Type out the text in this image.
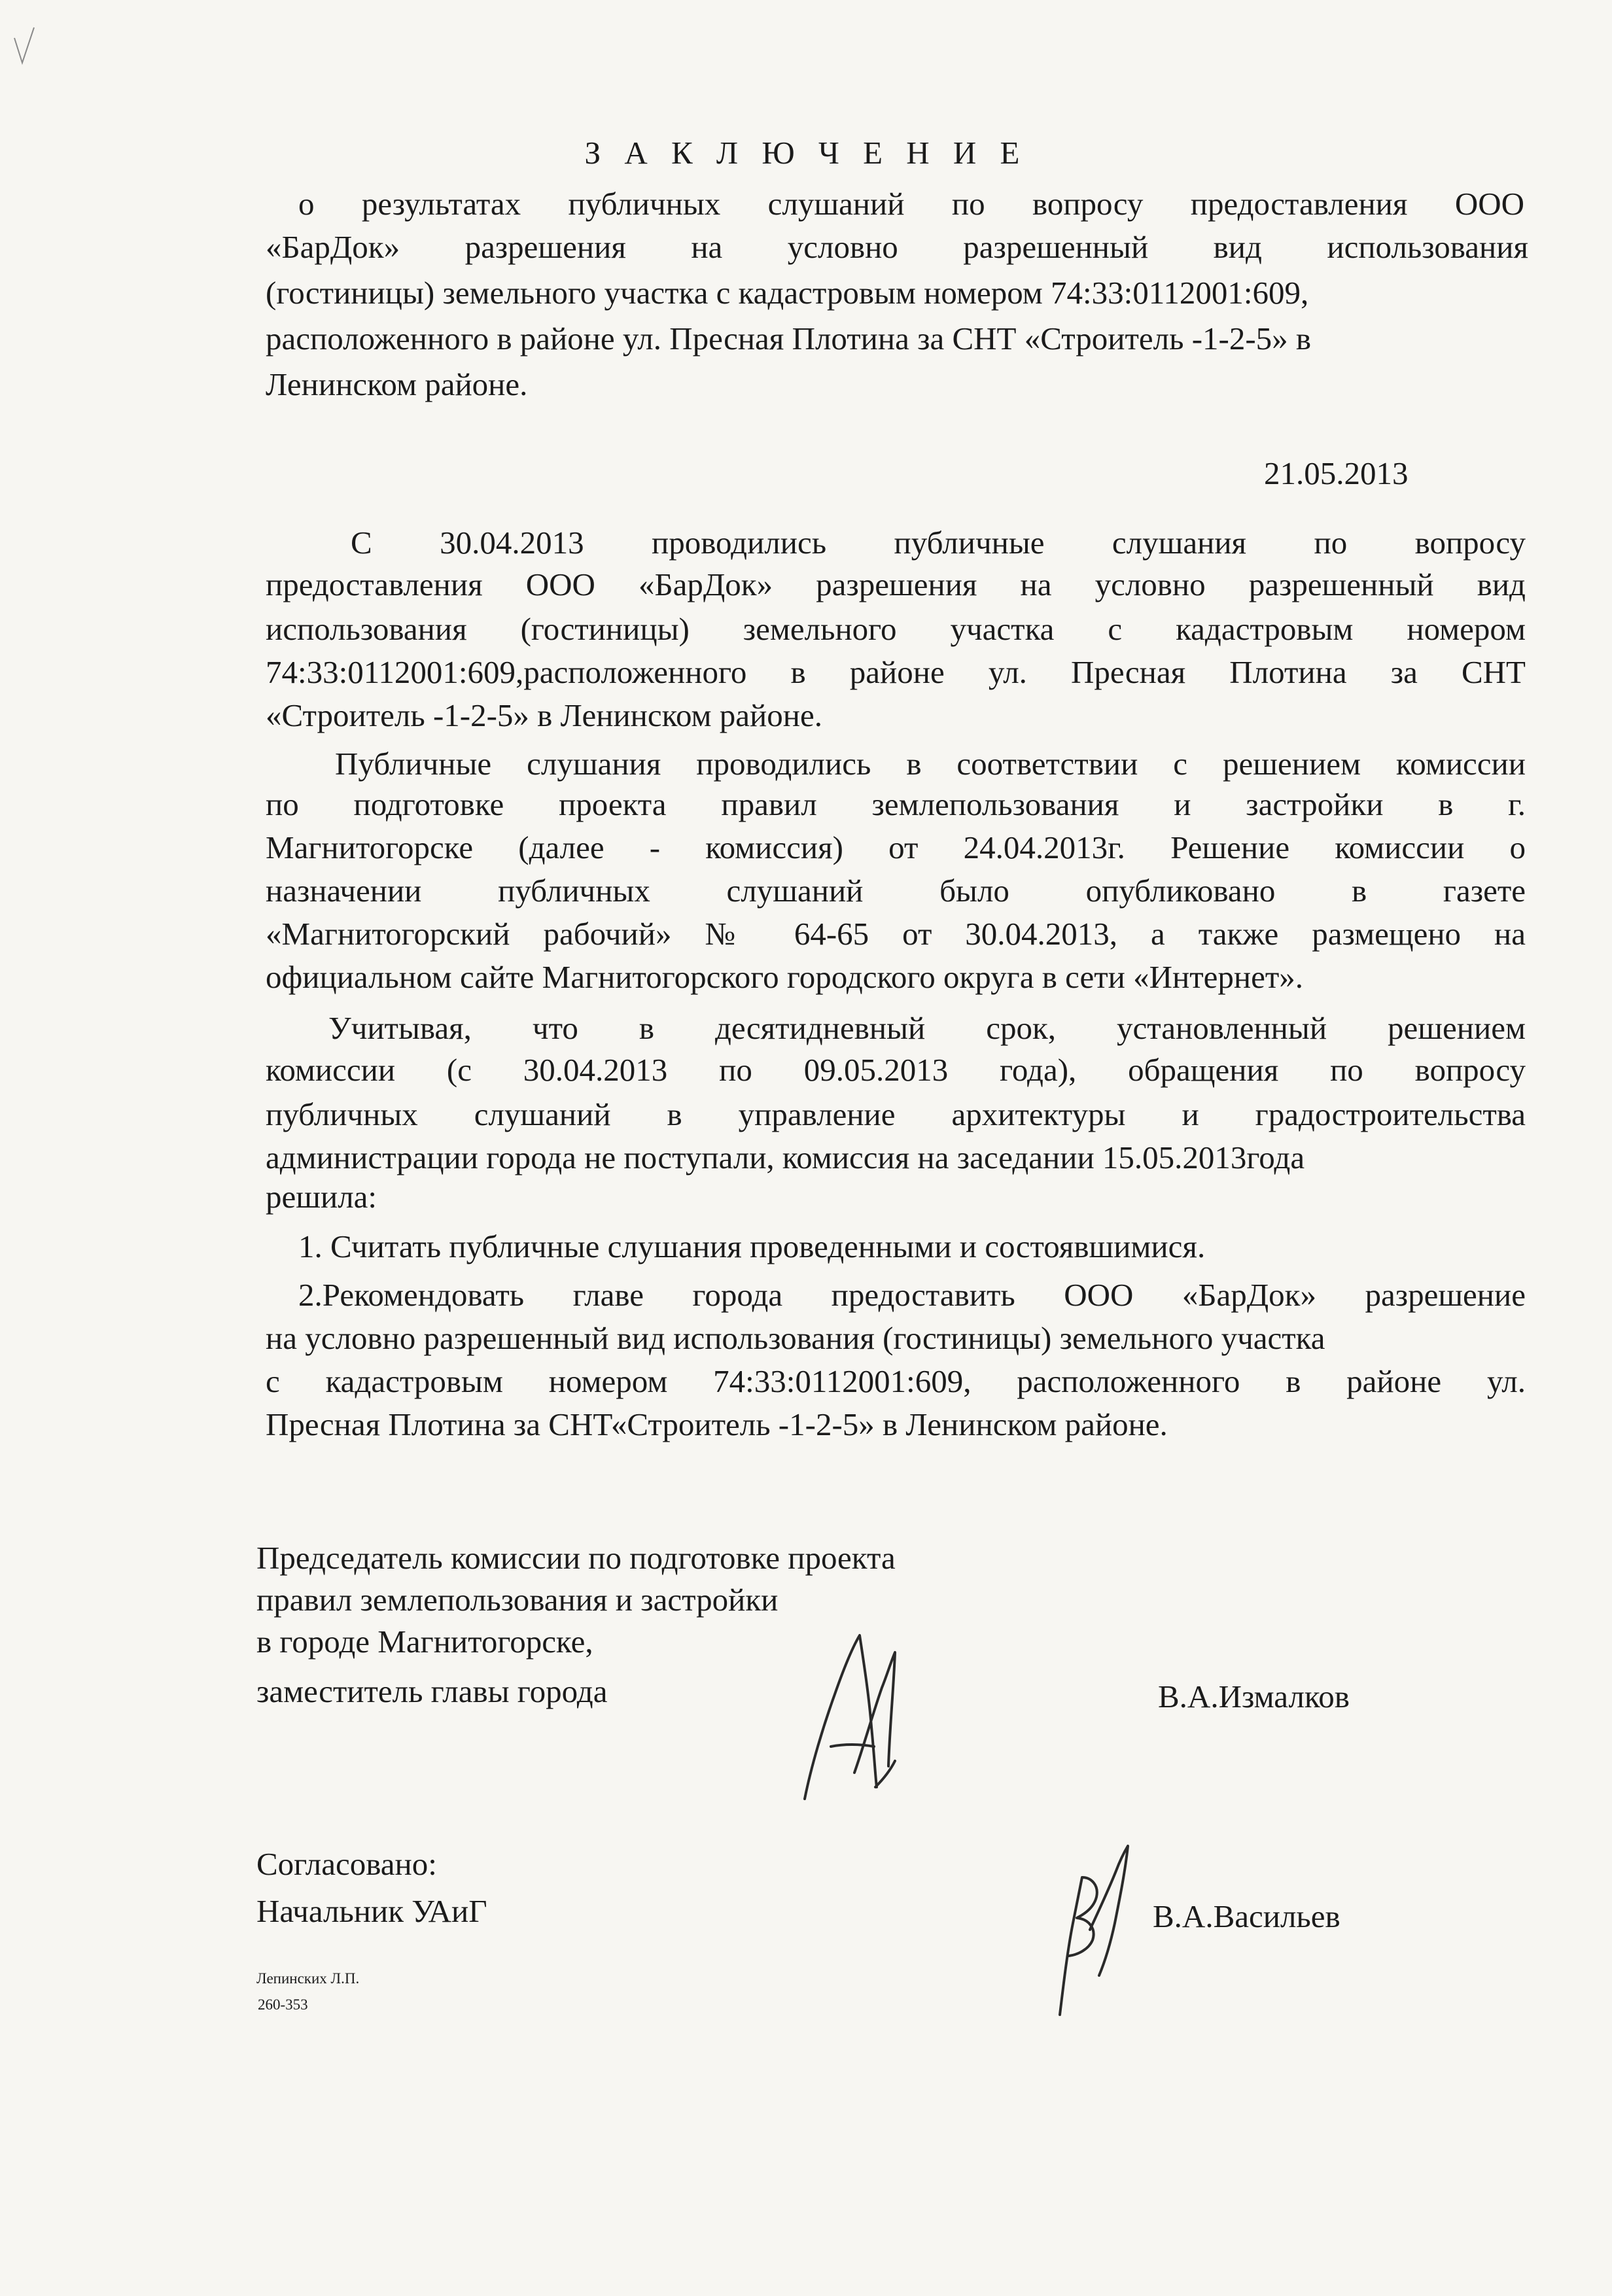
З А К Л Ю Ч Е Н И Е
о результатах публичных слушаний по вопросу предоставления ООО
«БарДок» разрешения на условно разрешенный вид использования
(гостиницы) земельного участка с кадастровым номером 74:33:0112001:609,
расположенного в районе ул. Пресная Плотина за СНТ «Строитель -1-2-5» в
Ленинском районе.
21.05.2013
С 30.04.2013 проводились публичные слушания по вопросу
предоставления ООО «БарДок» разрешения на условно разрешенный вид
использования (гостиницы) земельного участка с кадастровым номером
74:33:0112001:609,расположенного в районе ул. Пресная Плотина за СНТ
«Строитель -1-2-5» в Ленинском районе.
Публичные слушания проводились в соответствии с решением комиссии
по подготовке проекта правил землепользования и застройки в г.
Магнитогорске (далее - комиссия) от 24.04.2013г. Решение комиссии о
назначении публичных слушаний было опубликовано в газете
«Магнитогорский рабочий» № 64-65 от 30.04.2013, а также размещено на
официальном сайте Магнитогорского городского округа в сети «Интернет».
Учитывая, что в десятидневный срок, установленный решением
комиссии (с 30.04.2013 по 09.05.2013 года), обращения по вопросу
публичных слушаний в управление архитектуры и градостроительства
администрации города не поступали, комиссия на заседании 15.05.2013года
решила:
1. Считать публичные слушания проведенными и состоявшимися.
2.Рекомендовать главе города предоставить ООО «БарДок» разрешение
на условно разрешенный вид использования (гостиницы) земельного участка
с кадастровым номером 74:33:0112001:609, расположенного в районе ул.
Пресная Плотина за СНТ«Строитель -1-2-5» в Ленинском районе.
Председатель комиссии по подготовке проекта
правил землепользования и застройки
в городе Магнитогорске,
заместитель главы города	В.А.Измалков
Согласовано:
Начальник УАиГ	В.А.Васильев
Лепинских Л.П.
260-353
